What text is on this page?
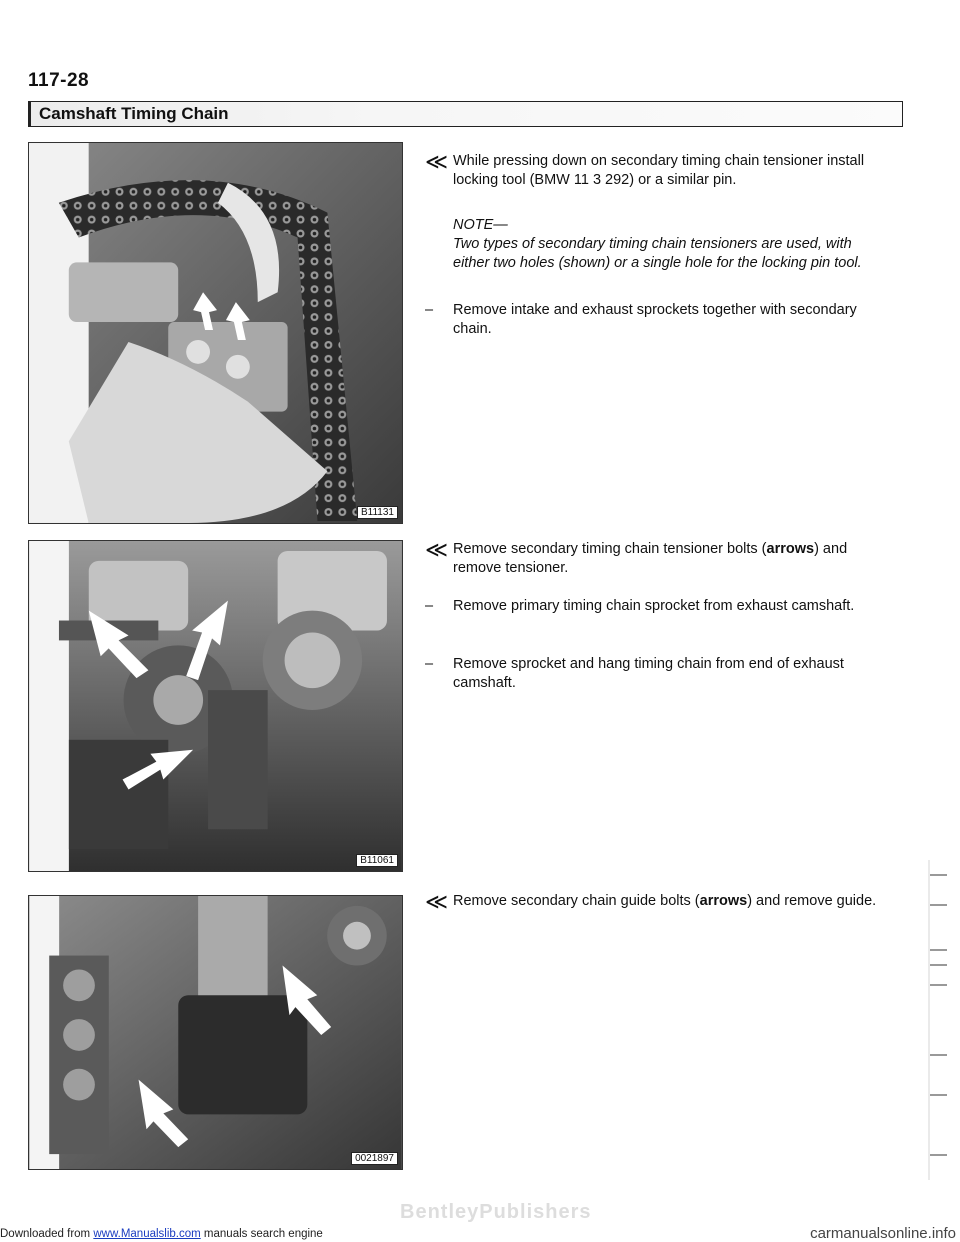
117-28
Camshaft Timing Chain
B11131
B11061
0021897
≪ While pressing down on secondary timing chain tensioner install locking tool (BMW 11 3 292) or a similar pin.
NOTE—
Two types of secondary timing chain tensioners are used, with either two holes (shown) or a single hole for the locking pin tool.
– Remove intake and exhaust sprockets together with secondary chain.
≪ Remove secondary timing chain tensioner bolts (arrows) and remove tensioner.
– Remove primary timing chain sprocket from exhaust camshaft.
– Remove sprocket and hang timing chain from end of exhaust camshaft.
≪ Remove secondary chain guide bolts (arrows) and remove guide.
Downloaded from www.Manualslib.com manuals search engine
BentleyPublishers
carmanualsonline.info
